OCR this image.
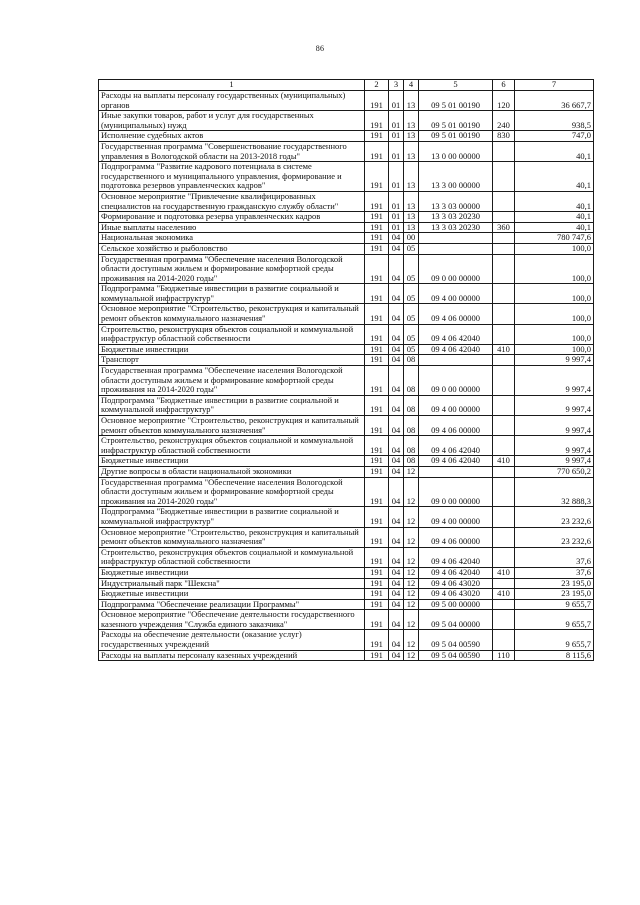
86
1	2	3	4	5	6	7
Расходы на выплаты персоналу государственных (муниципальных) органов	191	01	13	09 5 01 00190	120	36 667,7
Иные закупки товаров, работ и услуг для государственных (муниципальных) нужд	191	01	13	09 5 01 00190	240	938,5
Исполнение судебных актов	191	01	13	09 5 01 00190	830	747,0
Государственная программа "Совершенствование государственного управления в Вологодской области на 2013-2018 годы"	191	01	13	13 0 00 00000		40,1
Подпрограмма "Развитие кадрового потенциала в системе государственного и муниципального управления, формирование и подготовка резервов управленческих кадров"	191	01	13	13 3 00 00000		40,1
Основное мероприятие "Привлечение квалифицированных специалистов на государственную гражданскую службу области"	191	01	13	13 3 03 00000		40,1
Формирование и подготовка резерва управленческих кадров	191	01	13	13 3 03 20230		40,1
Иные выплаты населению	191	01	13	13 3 03 20230	360	40,1
Национальная экономика	191	04	00			780 747,6
Сельское хозяйство и рыболовство	191	04	05			100,0
Государственная программа "Обеспечение населения Вологодской области доступным жильем и формирование комфортной среды проживания на 2014-2020 годы"	191	04	05	09 0 00 00000		100,0
Подпрограмма "Бюджетные инвестиции в развитие социальной и коммунальной инфраструктур"	191	04	05	09 4 00 00000		100,0
Основное мероприятие "Строительство, реконструкция и капитальный ремонт объектов коммунального назначения"	191	04	05	09 4 06 00000		100,0
Строительство, реконструкция объектов социальной и коммунальной инфраструктур областной собственности	191	04	05	09 4 06 42040		100,0
Бюджетные инвестиции	191	04	05	09 4 06 42040	410	100,0
Транспорт	191	04	08			9 997,4
Государственная программа "Обеспечение населения Вологодской области доступным жильем и формирование комфортной среды проживания на 2014-2020 годы"	191	04	08	09 0 00 00000		9 997,4
Подпрограмма "Бюджетные инвестиции в развитие социальной и коммунальной инфраструктур"	191	04	08	09 4 00 00000		9 997,4
Основное мероприятие "Строительство, реконструкция и капитальный ремонт объектов коммунального назначения"	191	04	08	09 4 06 00000		9 997,4
Строительство, реконструкция объектов социальной и коммунальной инфраструктур областной собственности	191	04	08	09 4 06 42040		9 997,4
Бюджетные инвестиции	191	04	08	09 4 06 42040	410	9 997,4
Другие вопросы в области национальной экономики	191	04	12			770 650,2
Государственная программа "Обеспечение населения Вологодской области доступным жильем и формирование комфортной среды проживания на 2014-2020 годы"	191	04	12	09 0 00 00000		32 888,3
Подпрограмма "Бюджетные инвестиции в развитие социальной и коммунальной инфраструктур"	191	04	12	09 4 00 00000		23 232,6
Основное мероприятие "Строительство, реконструкция и капитальный ремонт объектов коммунального назначения"	191	04	12	09 4 06 00000		23 232,6
Строительство, реконструкция объектов социальной и коммунальной инфраструктур областной собственности	191	04	12	09 4 06 42040		37,6
Бюджетные инвестиции	191	04	12	09 4 06 42040	410	37,6
Индустриальный парк "Шексна"	191	04	12	09 4 06 43020		23 195,0
Бюджетные инвестиции	191	04	12	09 4 06 43020	410	23 195,0
Подпрограмма "Обеспечение реализации Программы"	191	04	12	09 5 00 00000		9 655,7
Основное мероприятие "Обеспечение деятельности государственного казенного учреждения "Служба единого заказчика"	191	04	12	09 5 04 00000		9 655,7
Расходы на обеспечение деятельности (оказание услуг) государственных учреждений	191	04	12	09 5 04 00590		9 655,7
Расходы на выплаты персоналу казенных учреждений	191	04	12	09 5 04 00590	110	8 115,6
